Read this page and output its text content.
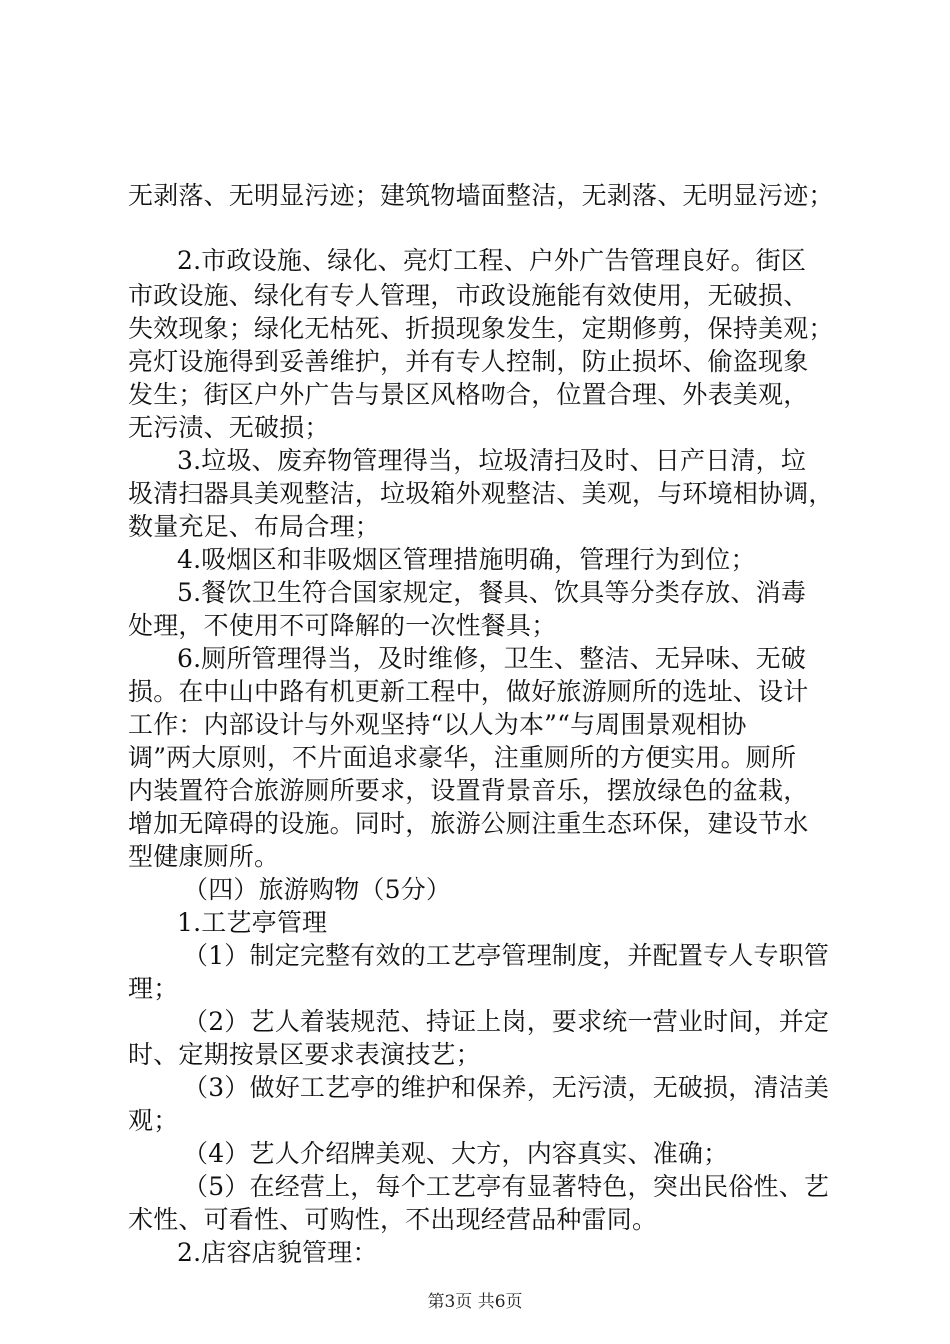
无剥落、无明显污迹；建筑物墙面整洁，无剥落、无明显污迹；
2.市政设施、绿化、亮灯工程、户外广告管理良好。街区
市政设施、绿化有专人管理，市政设施能有效使用，无破损、
失效现象；绿化无枯死、折损现象发生，定期修剪，保持美观；
亮灯设施得到妥善维护，并有专人控制，防止损坏、偷盗现象
发生；街区户外广告与景区风格吻合，位置合理、外表美观，
无污渍、无破损；
3.垃圾、废弃物管理得当，垃圾清扫及时、日产日清，垃
圾清扫器具美观整洁，垃圾箱外观整洁、美观，与环境相协调，
数量充足、布局合理；
4.吸烟区和非吸烟区管理措施明确，管理行为到位；
5.餐饮卫生符合国家规定，餐具、饮具等分类存放、消毒
处理，不使用不可降解的一次性餐具；
6.厕所管理得当，及时维修，卫生、整洁、无异味、无破
损。在中山中路有机更新工程中，做好旅游厕所的选址、设计
工作：内部设计与外观坚持“以人为本”“与周围景观相协
调”两大原则，不片面追求豪华，注重厕所的方便实用。厕所
内装置符合旅游厕所要求，设置背景音乐，摆放绿色的盆栽，
增加无障碍的设施。同时，旅游公厕注重生态环保，建设节水
型健康厕所。
（四）旅游购物（5分）
1.工艺亭管理
（1）制定完整有效的工艺亭管理制度，并配置专人专职管
理；
（2）艺人着装规范、持证上岗，要求统一营业时间，并定
时、定期按景区要求表演技艺；
（3）做好工艺亭的维护和保养，无污渍，无破损，清洁美
观；
（4）艺人介绍牌美观、大方，内容真实、准确；
（5）在经营上，每个工艺亭有显著特色，突出民俗性、艺
术性、可看性、可购性，不出现经营品种雷同。
2.店容店貌管理：
第3页 共6页
